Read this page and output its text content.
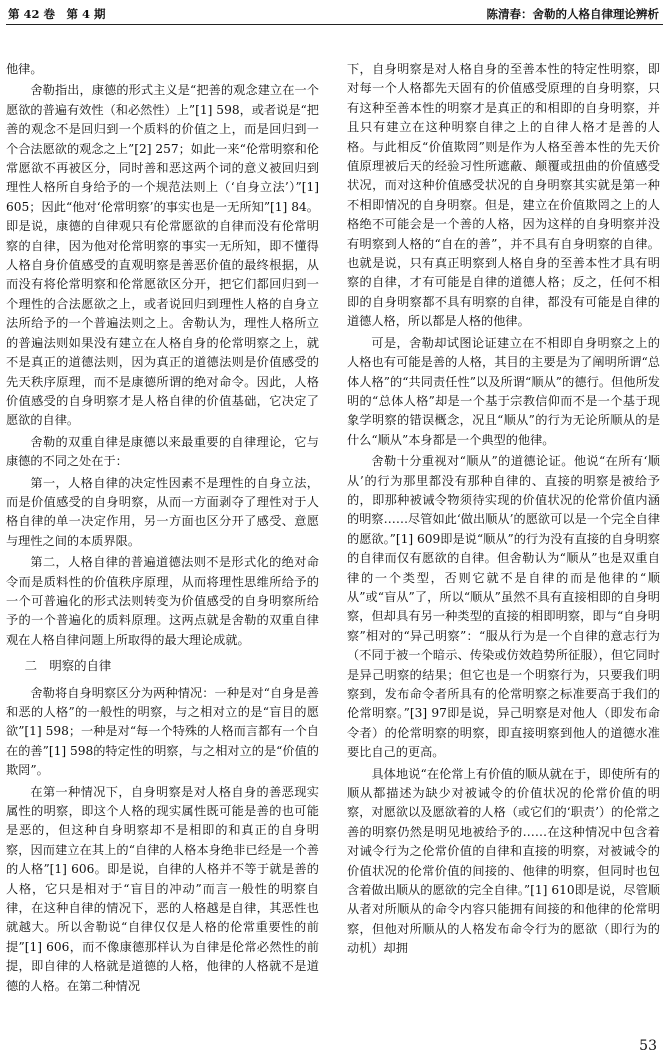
第 42 卷　第 4 期	陈清春：舍勒的人格自律理论辨析

他律。

舍勒指出，康德的形式主义是“把善的观念建立在一个愿欲的普遍有效性（和必然性）上”[1] 598，或者说是“把善的观念不是回归到一个质料的价值之上，而是回归到一个合法愿欲的观念之上”[2] 257；如此一来“伦常明察和伦常愿欲不再被区分，同时善和恶这两个词的意义被回归到理性人格所自身给予的一个规范法则上（‘自身立法’）”[1] 605；因此“他对‘伦常明察’的事实也是一无所知”[1] 84。即是说，康德的自律观只有伦常愿欲的自律而没有伦常明察的自律，因为他对伦常明察的事实一无所知，即不懂得人格自身价值感受的直观明察是善恶价值的最终根据，从而没有将伦常明察和伦常愿欲区分开，把它们都回归到一个理性的合法愿欲之上，或者说回归到理性人格的自身立法所给予的一个普遍法则之上。舍勒认为，理性人格所立的普遍法则如果没有建立在人格自身的伦常明察之上，就不是真正的道德法则，因为真正的道德法则是价值感受的先天秩序原理，而不是康德所谓的绝对命令。因此，人格价值感受的自身明察才是人格自律的价值基础，它决定了愿欲的自律。

舍勒的双重自律是康德以来最重要的自律理论，它与康德的不同之处在于：

第一，人格自律的决定性因素不是理性的自身立法，而是价值感受的自身明察，从而一方面剥夺了理性对于人格自律的单一决定作用，另一方面也区分开了感受、意愿与理性之间的本质界限。

第二，人格自律的普遍道德法则不是形式化的绝对命令而是质料性的价值秩序原理，从而将理性思维所给予的一个可普遍化的形式法则转变为价值感受的自身明察所给予的一个普遍化的质料原理。这两点就是舍勒的双重自律观在人格自律问题上所取得的最大理论成就。

二　明察的自律

舍勒将自身明察区分为两种情况：一种是对“自身是善和恶的人格”的一般性的明察，与之相对立的是“盲目的愿欲”[1] 598；一种是对“每一个特殊的人格而言都有一个自在的善”[1] 598的特定性的明察，与之相对立的是“价值的欺罔”。

在第一种情况下，自身明察是对人格自身的善恶现实属性的明察，即这个人格的现实属性既可能是善的也可能是恶的，但这种自身明察却不是相即的和真正的自身明察，因而建立在其上的“自律的人格本身绝非已经是一个善的人格”[1] 606。即是说，自律的人格并不等于就是善的人格，它只是相对于“盲目的冲动”而言一般性的明察自律，在这种自律的情况下，恶的人格越是自律，其恶性也就越大。所以舍勒说“自律仅仅是人格的伦常重要性的前提”[1] 606，而不像康德那样认为自律是伦常必然性的前提，即自律的人格就是道德的人格，他律的人格就不是道德的人格。在第二种情况

下，自身明察是对人格自身的至善本性的特定性明察，即对每一个人格都先天固有的价值感受原理的自身明察，只有这种至善本性的明察才是真正的和相即的自身明察，并且只有建立在这种明察自律之上的自律人格才是善的人格。与此相反“价值欺罔”则是作为人格至善本性的先天价值原理被后天的经验习性所遮蔽、颠覆或扭曲的价值感受状况，而对这种价值感受状况的自身明察其实就是第一种不相即情况的自身明察。但是，建立在价值欺罔之上的人格绝不可能会是一个善的人格，因为这样的自身明察并没有明察到人格的“自在的善”，并不具有自身明察的自律。也就是说，只有真正明察到人格自身的至善本性才具有明察的自律，才有可能是自律的道德人格；反之，任何不相即的自身明察都不具有明察的自律，都没有可能是自律的道德人格，所以都是人格的他律。

可是，舍勒却试图论证建立在不相即自身明察之上的人格也有可能是善的人格，其目的主要是为了阐明所谓“总体人格”的“共同责任性”以及所谓“顺从”的德行。但他所发明的“总体人格”却是一个基于宗教信仰而不是一个基于现象学明察的错误概念，况且“顺从”的行为无论所顺从的是什么“顺从”本身都是一个典型的他律。

舍勒十分重视对“顺从”的道德论证。他说“在所有‘顺从’的行为那里都没有那种自律的、直接的明察是被给予的，即那种被诫令物须待实现的价值状况的伦常价值内涵的明察……尽管如此‘做出顺从’的愿欲可以是一个完全自律的愿欲。”[1] 609即是说“顺从”的行为没有直接的自身明察的自律而仅有愿欲的自律。但舍勒认为“顺从”也是双重自律的一个类型，否则它就不是自律的而是他律的“顺从”或“盲从”了，所以“顺从”虽然不具有直接相即的自身明察，但却具有另一种类型的直接的相即明察，即与“自身明察”相对的“异己明察”：“服从行为是一个自律的意志行为（不同于被一个暗示、传染或仿效趋势所征服），但它同时是异己明察的结果；但它也是一个明察行为，只要我们明察到，发布命令者所具有的伦常明察之标准要高于我们的伦常明察。”[3] 97即是说，异己明察是对他人（即发布命令者）的伦常明察的明察，即直接明察到他人的道德水准要比自己的更高。

具体地说“在伦常上有价值的顺从就在于，即使所有的顺从都描述为缺少对被诫令的价值状况的伦常价值的明察，对愿欲以及愿欲着的人格（或它们的‘职责’）的伦常之善的明察仍然是明见地被给予的……在这种情况中包含着对诫令行为之伦常价值的自律和直接的明察，对被诫令的价值状况的伦常价值的间接的、他律的明察，但同时也包含着做出顺从的愿欲的完全自律。”[1] 610即是说，尽管顺从者对所顺从的命令内容只能拥有间接的和他律的伦常明察，但他对所顺从的人格发布命令行为的愿欲（即行为的动机）却拥

53
